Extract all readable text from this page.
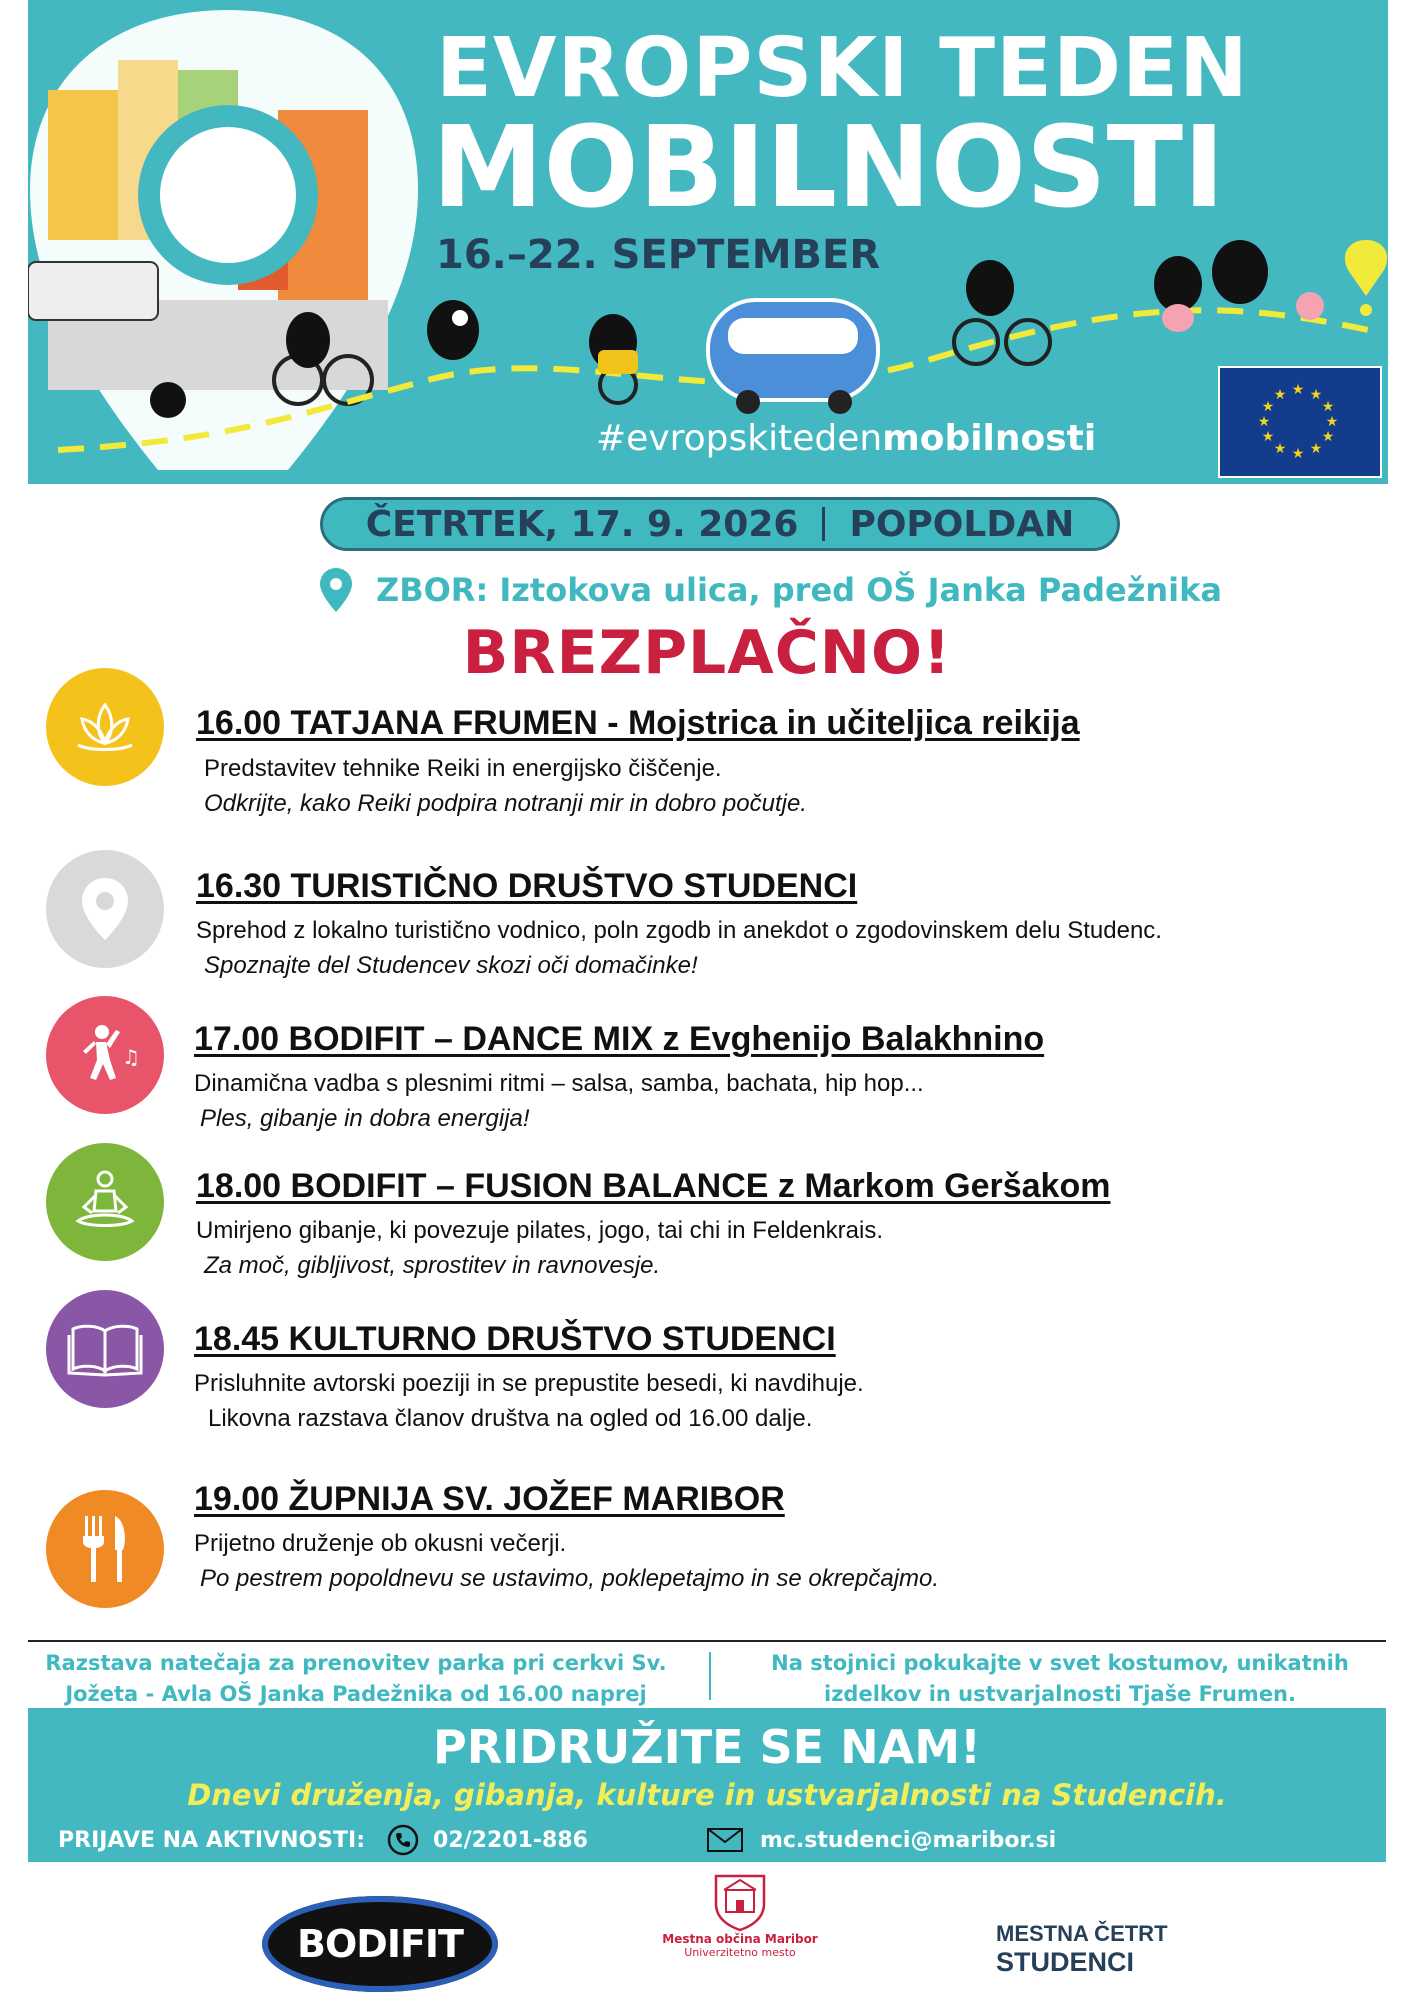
EVROPSKI TEDEN
MOBILNOSTI
16.–22. SEPTEMBER
#evropskitedenmobilnosti
★ ★
★
★
★
★
★
★
★
★
★
★
ČETRTEK, 17. 9. 2026 POPOLDAN
ZBOR: Iztokova ulica, pred OŠ Janka Padežnika
BREZPLAČNO!
16.00 TATJANA FRUMEN - Mojstrica in učiteljica reikija
Predstavitev tehnike Reiki in energijsko čiščenje.
Odkrijte, kako Reiki podpira notranji mir in dobro počutje.
16.30 TURISTIČNO DRUŠTVO STUDENCI
Sprehod z lokalno turistično vodnico, poln zgodb in anekdot o zgodovinskem delu Studenc.
Spoznajte del Studencev skozi oči domačinke!
♫ 17.00 BODIFIT – DANCE MIX z Evghenijo Balakhnino
Dinamična vadba s plesnimi ritmi – salsa, samba, bachata, hip hop...
Ples, gibanje in dobra energija!
18.00 BODIFIT – FUSION BALANCE z Markom Geršakom
Umirjeno gibanje, ki povezuje pilates, jogo, tai chi in Feldenkrais.
Za moč, gibljivost, sprostitev in ravnovesje.
18.45 KULTURNO DRUŠTVO STUDENCI
Prisluhnite avtorski poeziji in se prepustite besedi, ki navdihuje.
Likovna razstava članov društva na ogled od 16.00 dalje.
19.00 ŽUPNIJA SV. JOŽEF MARIBOR
Prijetno druženje ob okusni večerji.
Po pestrem popoldnevu se ustavimo, poklepetajmo in se okrepčajmo.
Razstava natečaja za prenovitev parka pri cerkvi Sv. Jožeta - Avla OŠ Janka Padežnika od 16.00 naprej
Na stojnici pokukajte v svet kostumov, unikatnih izdelkov in ustvarjalnosti Tjaše Frumen.
PRIDRUŽITE SE NAM!
Dnevi druženja, gibanja, kulture in ustvarjalnosti na Studencih.
PRIJAVE NA AKTIVNOSTI:	02/2201-886	mc.studenci@maribor.si
BODIFIT	Mestna občina Maribor
Univerzitetno mesto
MESTNA ČETRT
STUDENCI
